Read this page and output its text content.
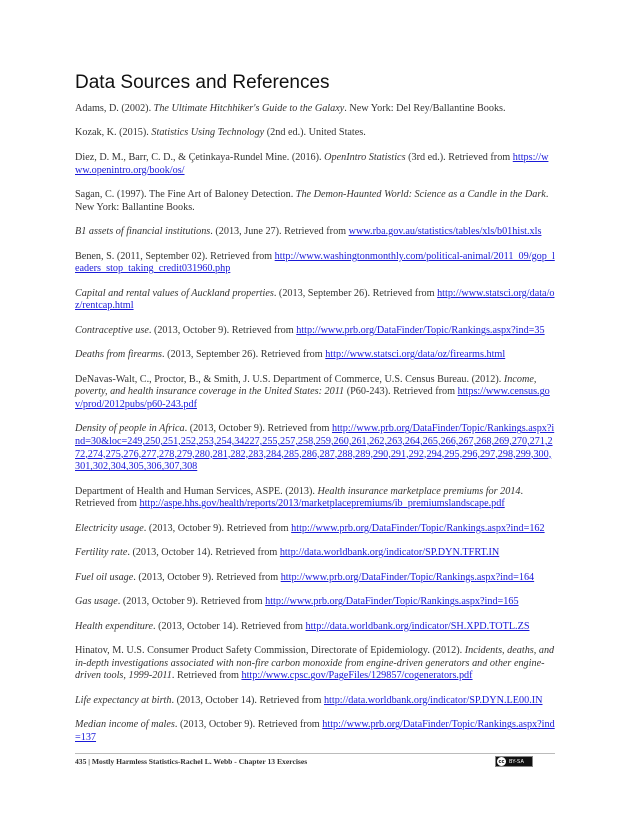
Data Sources and References

Adams, D. (2002). The Ultimate Hitchhiker's Guide to the Galaxy. New York: Del Rey/Ballantine Books.

Kozak, K. (2015). Statistics Using Technology (2nd ed.). United States.

Diez, D. M., Barr, C. D., & Çetinkaya-Rundel Mine. (2016). OpenIntro Statistics (3rd ed.). Retrieved from https://www.openintro.org/book/os/

Sagan, C. (1997). The Fine Art of Baloney Detection. The Demon-Haunted World: Science as a Candle in the Dark. New York: Ballantine Books.

B1 assets of financial institutions. (2013, June 27). Retrieved from www.rba.gov.au/statistics/tables/xls/b01hist.xls

Benen, S. (2011, September 02). Retrieved from http://www.washingtonmonthly.com/political-animal/2011_09/gop_leaders_stop_taking_credit031960.php

Capital and rental values of Auckland properties. (2013, September 26). Retrieved from http://www.statsci.org/data/oz/rentcap.html

Contraceptive use. (2013, October 9). Retrieved from http://www.prb.org/DataFinder/Topic/Rankings.aspx?ind=35

Deaths from firearms. (2013, September 26). Retrieved from http://www.statsci.org/data/oz/firearms.html

DeNavas-Walt, C., Proctor, B., & Smith, J. U.S. Department of Commerce, U.S. Census Bureau. (2012). Income, poverty, and health insurance coverage in the United States: 2011 (P60-243). Retrieved from https://www.census.gov/prod/2012pubs/p60-243.pdf

Density of people in Africa. (2013, October 9). Retrieved from http://www.prb.org/DataFinder/Topic/Rankings.aspx?ind=30&loc=249,250,251,252,253,254,34227,255,257,258,259,260,261,262,263,264,265,266,267,268,269,270,271,272,274,275,276,277,278,279,280,281,282,283,284,285,286,287,288,289,290,291,292,294,295,296,297,298,299,300,301,302,304,305,306,307,308

Department of Health and Human Services, ASPE. (2013). Health insurance marketplace premiums for 2014. Retrieved from http://aspe.hhs.gov/health/reports/2013/marketplacepremiums/ib_premiumslandscape.pdf

Electricity usage. (2013, October 9). Retrieved from http://www.prb.org/DataFinder/Topic/Rankings.aspx?ind=162

Fertility rate. (2013, October 14). Retrieved from http://data.worldbank.org/indicator/SP.DYN.TFRT.IN

Fuel oil usage. (2013, October 9). Retrieved from http://www.prb.org/DataFinder/Topic/Rankings.aspx?ind=164

Gas usage. (2013, October 9). Retrieved from http://www.prb.org/DataFinder/Topic/Rankings.aspx?ind=165

Health expenditure. (2013, October 14). Retrieved from http://data.worldbank.org/indicator/SH.XPD.TOTL.ZS

Hinatov, M. U.S. Consumer Product Safety Commission, Directorate of Epidemiology. (2012). Incidents, deaths, and in-depth investigations associated with non-fire carbon monoxide from engine-driven generators and other engine-driven tools, 1999-2011. Retrieved from http://www.cpsc.gov/PageFiles/129857/cogenerators.pdf

Life expectancy at birth. (2013, October 14). Retrieved from http://data.worldbank.org/indicator/SP.DYN.LE00.IN

Median income of males. (2013, October 9). Retrieved from http://www.prb.org/DataFinder/Topic/Rankings.aspx?ind=137

435 | Mostly Harmless Statistics-Rachel L. Webb - Chapter 13 Exercises	cc BY-SA
